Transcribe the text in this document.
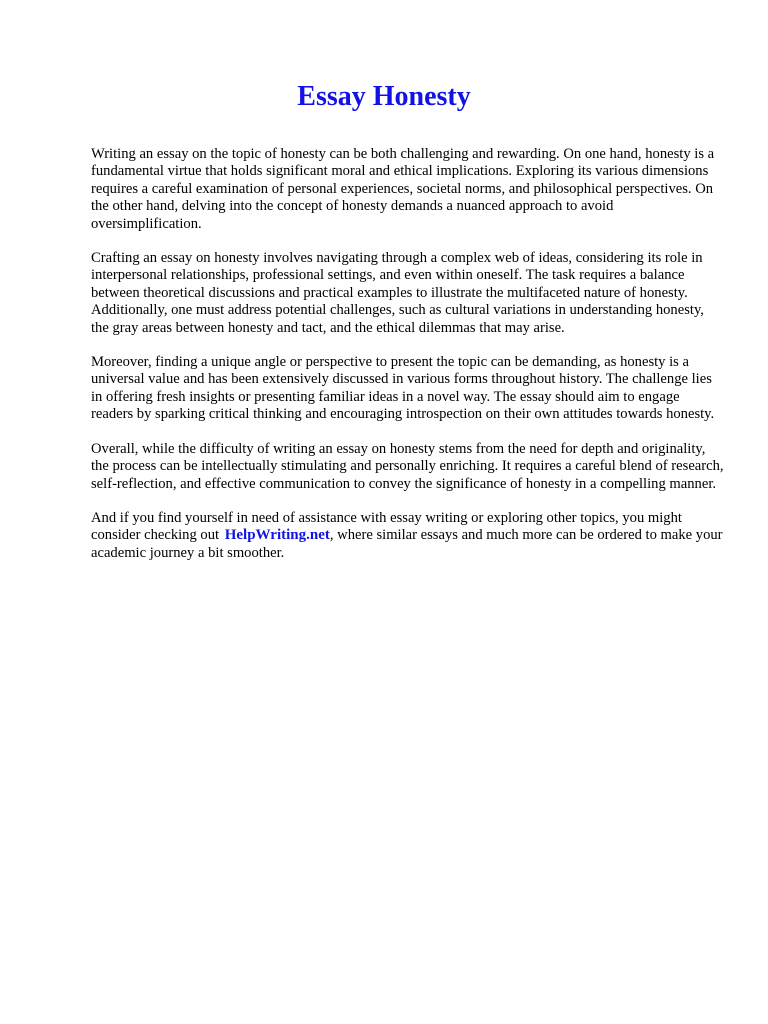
Essay Honesty

Writing an essay on the topic of honesty can be both challenging and rewarding. On one hand, honesty is a fundamental virtue that holds significant moral and ethical implications. Exploring its various dimensions requires a careful examination of personal experiences, societal norms, and philosophical perspectives. On the other hand, delving into the concept of honesty demands a nuanced approach to avoid oversimplification.

Crafting an essay on honesty involves navigating through a complex web of ideas, considering its role in interpersonal relationships, professional settings, and even within oneself. The task requires a balance between theoretical discussions and practical examples to illustrate the multifaceted nature of honesty. Additionally, one must address potential challenges, such as cultural variations in understanding honesty, the gray areas between honesty and tact, and the ethical dilemmas that may arise.

Moreover, finding a unique angle or perspective to present the topic can be demanding, as honesty is a universal value and has been extensively discussed in various forms throughout history. The challenge lies in offering fresh insights or presenting familiar ideas in a novel way. The essay should aim to engage readers by sparking critical thinking and encouraging introspection on their own attitudes towards honesty.

Overall, while the difficulty of writing an essay on honesty stems from the need for depth and originality, the process can be intellectually stimulating and personally enriching. It requires a careful blend of research, self-reflection, and effective communication to convey the significance of honesty in a compelling manner.

And if you find yourself in need of assistance with essay writing or exploring other topics, you might consider checking out HelpWriting.net, where similar essays and much more can be ordered to make your academic journey a bit smoother.
